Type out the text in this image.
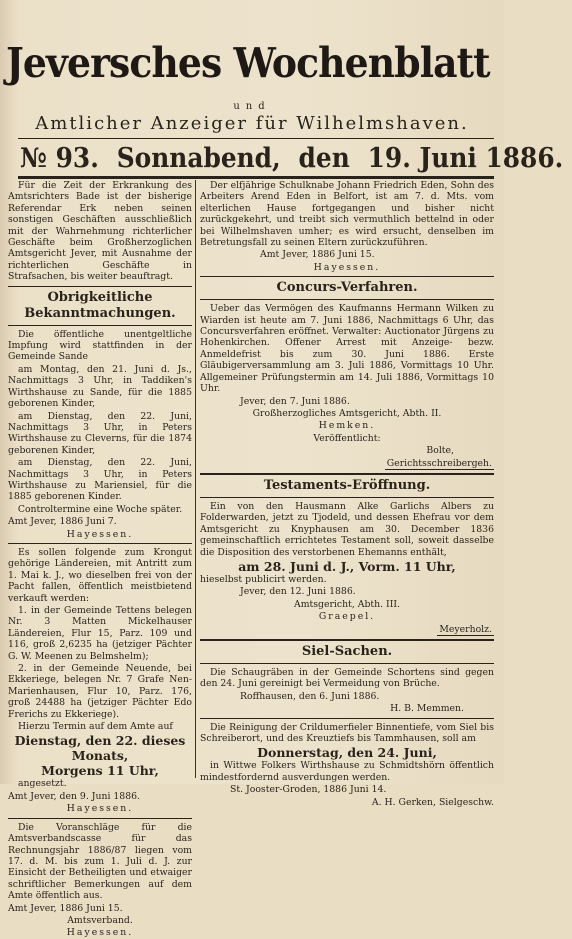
Jeversches Wochenblatt
und
Amtlicher Anzeiger für Wilhelmshaven.
№ 93. Sonnabend, den 19. Juni 1886.

Für die Zeit der Erkrankung des Amtsrichters Bade ist der bisherige Referendar Erk neben seinen sonstigen Geschäften ausschließlich mit der Wahrnehmung richterlicher Geschäfte beim Großherzoglichen Amtsgericht Jever, mit Ausnahme der richterlichen Geschäfte in Strafsachen, bis weiter beauftragt.

Obrigkeitliche Bekanntmachungen.

Die öffentliche unentgeltliche Impfung wird stattfinden in der Gemeinde Sande

am Montag, den 21. Juni d. Js., Nachmittags 3 Uhr, in Taddiken's Wirthshause zu Sande, für die 1885 geborenen Kinder,

am Dienstag, den 22. Juni, Nachmittags 3 Uhr, in Peters Wirthshause zu Cleverns, für die 1874 geborenen Kinder,

am Dienstag, den 22. Juni, Nachmittags 3 Uhr, in Peters Wirthshause zu Mariensiel, für die 1885 geborenen Kinder.

Controltermine eine Woche später.

Amt Jever, 1886 Juni 7.

Hayessen.

Es sollen folgende zum Krongut gehörige Ländereien, mit Antritt zum 1. Mai k. J., wo dieselben frei von der Pacht fallen, öffentlich meistbietend verkauft werden:

1. in der Gemeinde Tettens belegen Nr. 3 Matten Mickelhauser Ländereien, Flur 15, Parz. 109 und 116, groß 2,6235 ha (jetziger Pächter G. W. Meenen zu Belmshelm);

2. in der Gemeinde Neuende, bei Ekkeriege, belegen Nr. 7 Grafe Nen-Marienhausen, Flur 10, Parz. 176, groß 24488 ha (jetziger Pächter Edo Frerichs zu Ekkeriege).

Hierzu Termin auf dem Amte auf

Dienstag, den 22. dieses Monats,
Morgens 11 Uhr,

angesetzt.

Amt Jever, den 9. Juni 1886.

Hayessen.

Die Voranschläge für die Amtsverbandscasse für das Rechnungsjahr 1886/87 liegen vom 17. d. M. bis zum 1. Juli d. J. zur Einsicht der Betheiligten und etwaiger schriftlicher Bemerkungen auf dem Amte öffentlich aus.

Amt Jever, 1886 Juni 15.

Amtsverband.

Hayessen.

Der elfjährige Schulknabe Johann Friedrich Eden, Sohn des Arbeiters Arend Eden in Belfort, ist am 7. d. Mts. vom elterlichen Hause fortgegangen und bisher nicht zurückgekehrt, und treibt sich vermuthlich bettelnd in oder bei Wilhelmshaven umher; es wird ersucht, denselben im Betretungsfall zu seinen Eltern zurückzuführen.

Amt Jever, 1886 Juni 15.

Hayessen.

Concurs-Verfahren.

Ueber das Vermögen des Kaufmanns Hermann Wilken zu Wiarden ist heute am 7. Juni 1886, Nachmittags 6 Uhr, das Concursverfahren eröffnet. Verwalter: Auctionator Jürgens zu Hohenkirchen. Offener Arrest mit Anzeige- bezw. Anmeldefrist bis zum 30. Juni 1886. Erste Gläubigerversammlung am 3. Juli 1886, Vormittags 10 Uhr. Allgemeiner Prüfungstermin am 14. Juli 1886, Vormittags 10 Uhr.

Jever, den 7. Juni 1886.

Großherzogliches Amtsgericht, Abth. II.

Hemken.

Veröffentlicht:

Bolte,

Gerichtsschreibergeh.

Testaments-Eröffnung.

Ein von den Hausmann Alke Garlichs Albers zu Folderwarden, jetzt zu Tjodeld, und dessen Ehefrau vor dem Amtsgericht zu Knyphausen am 30. December 1836 gemeinschaftlich errichtetes Testament soll, soweit dasselbe die Disposition des verstorbenen Ehemanns enthält,

am 28. Juni d. J., Vorm. 11 Uhr,

hieselbst publicirt werden.

Jever, den 12. Juni 1886.

Amtsgericht, Abth. III.

Graepel.

Meyerholz.

Siel-Sachen.

Die Schaugräben in der Gemeinde Schortens sind gegen den 24. Juni gereinigt bei Vermeidung von Brüche.

Roffhausen, den 6. Juni 1886.

H. B. Memmen.

Die Reinigung der Crildumerfieler Binnentiefe, vom Siel bis Schreiberort, und des Kreuztiefs bis Tammhausen, soll am

Donnerstag, den 24. Juni,

in Wittwe Folkers Wirthshause zu Schmidtshörn öffentlich mindestfordernd ausverdungen werden.

St. Jooster-Groden, 1886 Juni 14.

A. H. Gerken, Sielgeschw.
